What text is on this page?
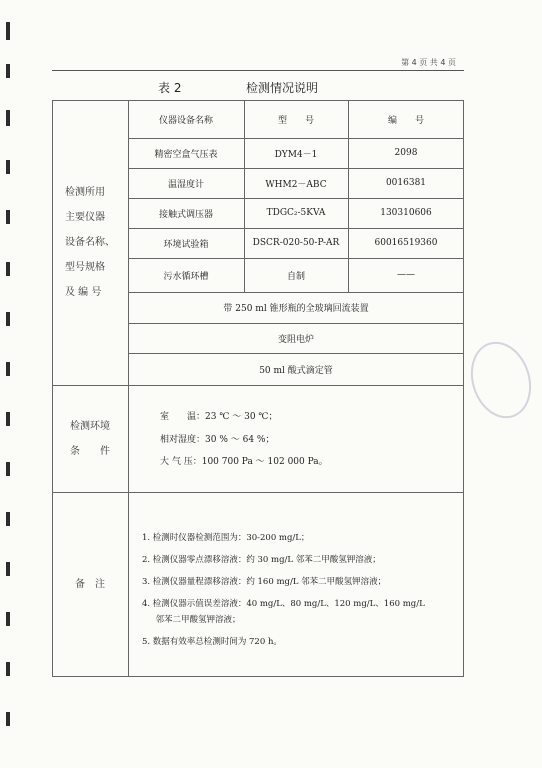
第 4 页 共 4 页
表 2	检测情况说明
检测所用
主要仪器
设备名称、
型号规格
及 编 号
仪器设备名称	型　　号	编　　号
精密空盒气压表	DYM4－1	2098
温湿度计	WHM2－ABC	0016381
接触式调压器	TDGC₂-5KVA	130310606
环境试验箱	DSCR-020-50-P-AR	60016519360
污水循环槽	自制	——
带 250 ml 锥形瓶的全玻璃回流装置
变阻电炉
50 ml 酸式滴定管
检测环境
条　　件
室　　温：23 ℃ ～ 30 ℃；
相对湿度：30 % ～ 64 %；
大 气 压：100 700 Pa ～ 102 000 Pa。
备　注
1. 检测时仪器检测范围为：30-200 mg/L；
2. 检测仪器零点漂移溶液：约 30 mg/L 邻苯二甲酸氢钾溶液；
3. 检测仪器量程漂移溶液：约 160 mg/L 邻苯二甲酸氢钾溶液；
4. 检测仪器示值误差溶液：40 mg/L、80 mg/L、120 mg/L、160 mg/L
邻苯二甲酸氢钾溶液；
5. 数据有效率总检测时间为 720 h。
